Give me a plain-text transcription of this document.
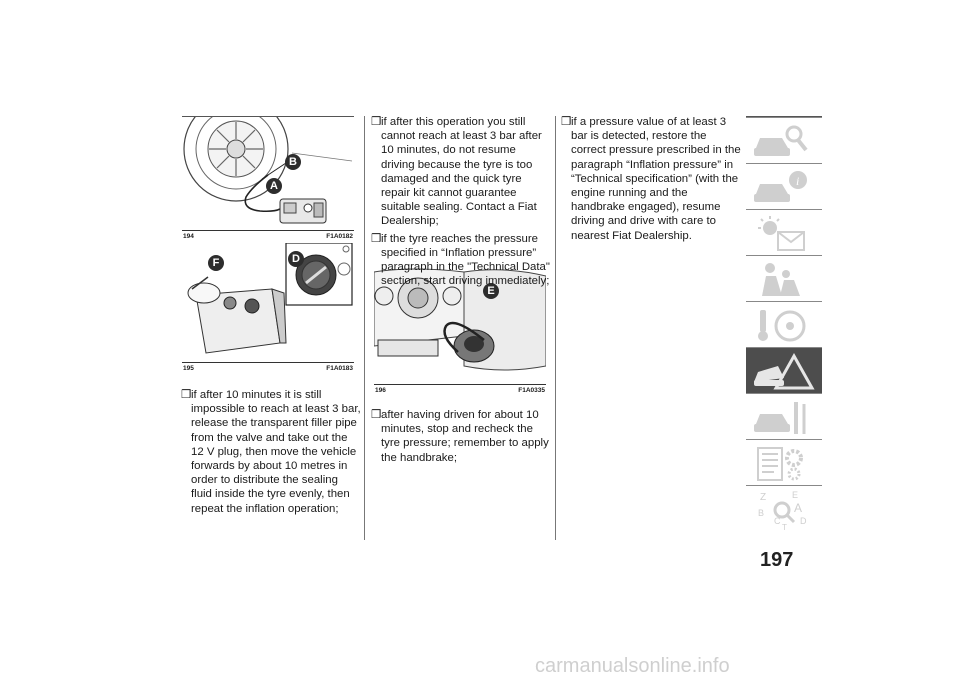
B
A
194	F1A0182
F	D
195	F1A0183
E
196	F1A0335

❒ if after 10 minutes it is still impossible to reach at least 3 bar, release the transparent filler pipe from the valve and take out the 12 V plug, then move the vehicle forwards by about 10 metres in order to distribute the sealing fluid inside the tyre evenly, then repeat the inflation operation;

❒ if after this operation you still cannot reach at least 3 bar after 10 minutes, do not resume driving because the tyre is too damaged and the quick tyre repair kit cannot guarantee suitable sealing. Contact a Fiat Dealership;

❒ if the tyre reaches the pressure specified in “Inflation pressure” paragraph in the "Technical Data" section, start driving immediately;

❒ after having driven for about 10 minutes, stop and recheck the tyre pressure; remember to apply the handbrake;

❒ if a pressure value of at least 3 bar is detected, restore the correct pressure prescribed in the paragraph “Inflation pressure” in “Technical specification” (with the engine running and the handbrake engaged), resume driving and drive with care to nearest Fiat Dealership.

i
Z	E
B A
C D
T
197
carmanualsonline.info
